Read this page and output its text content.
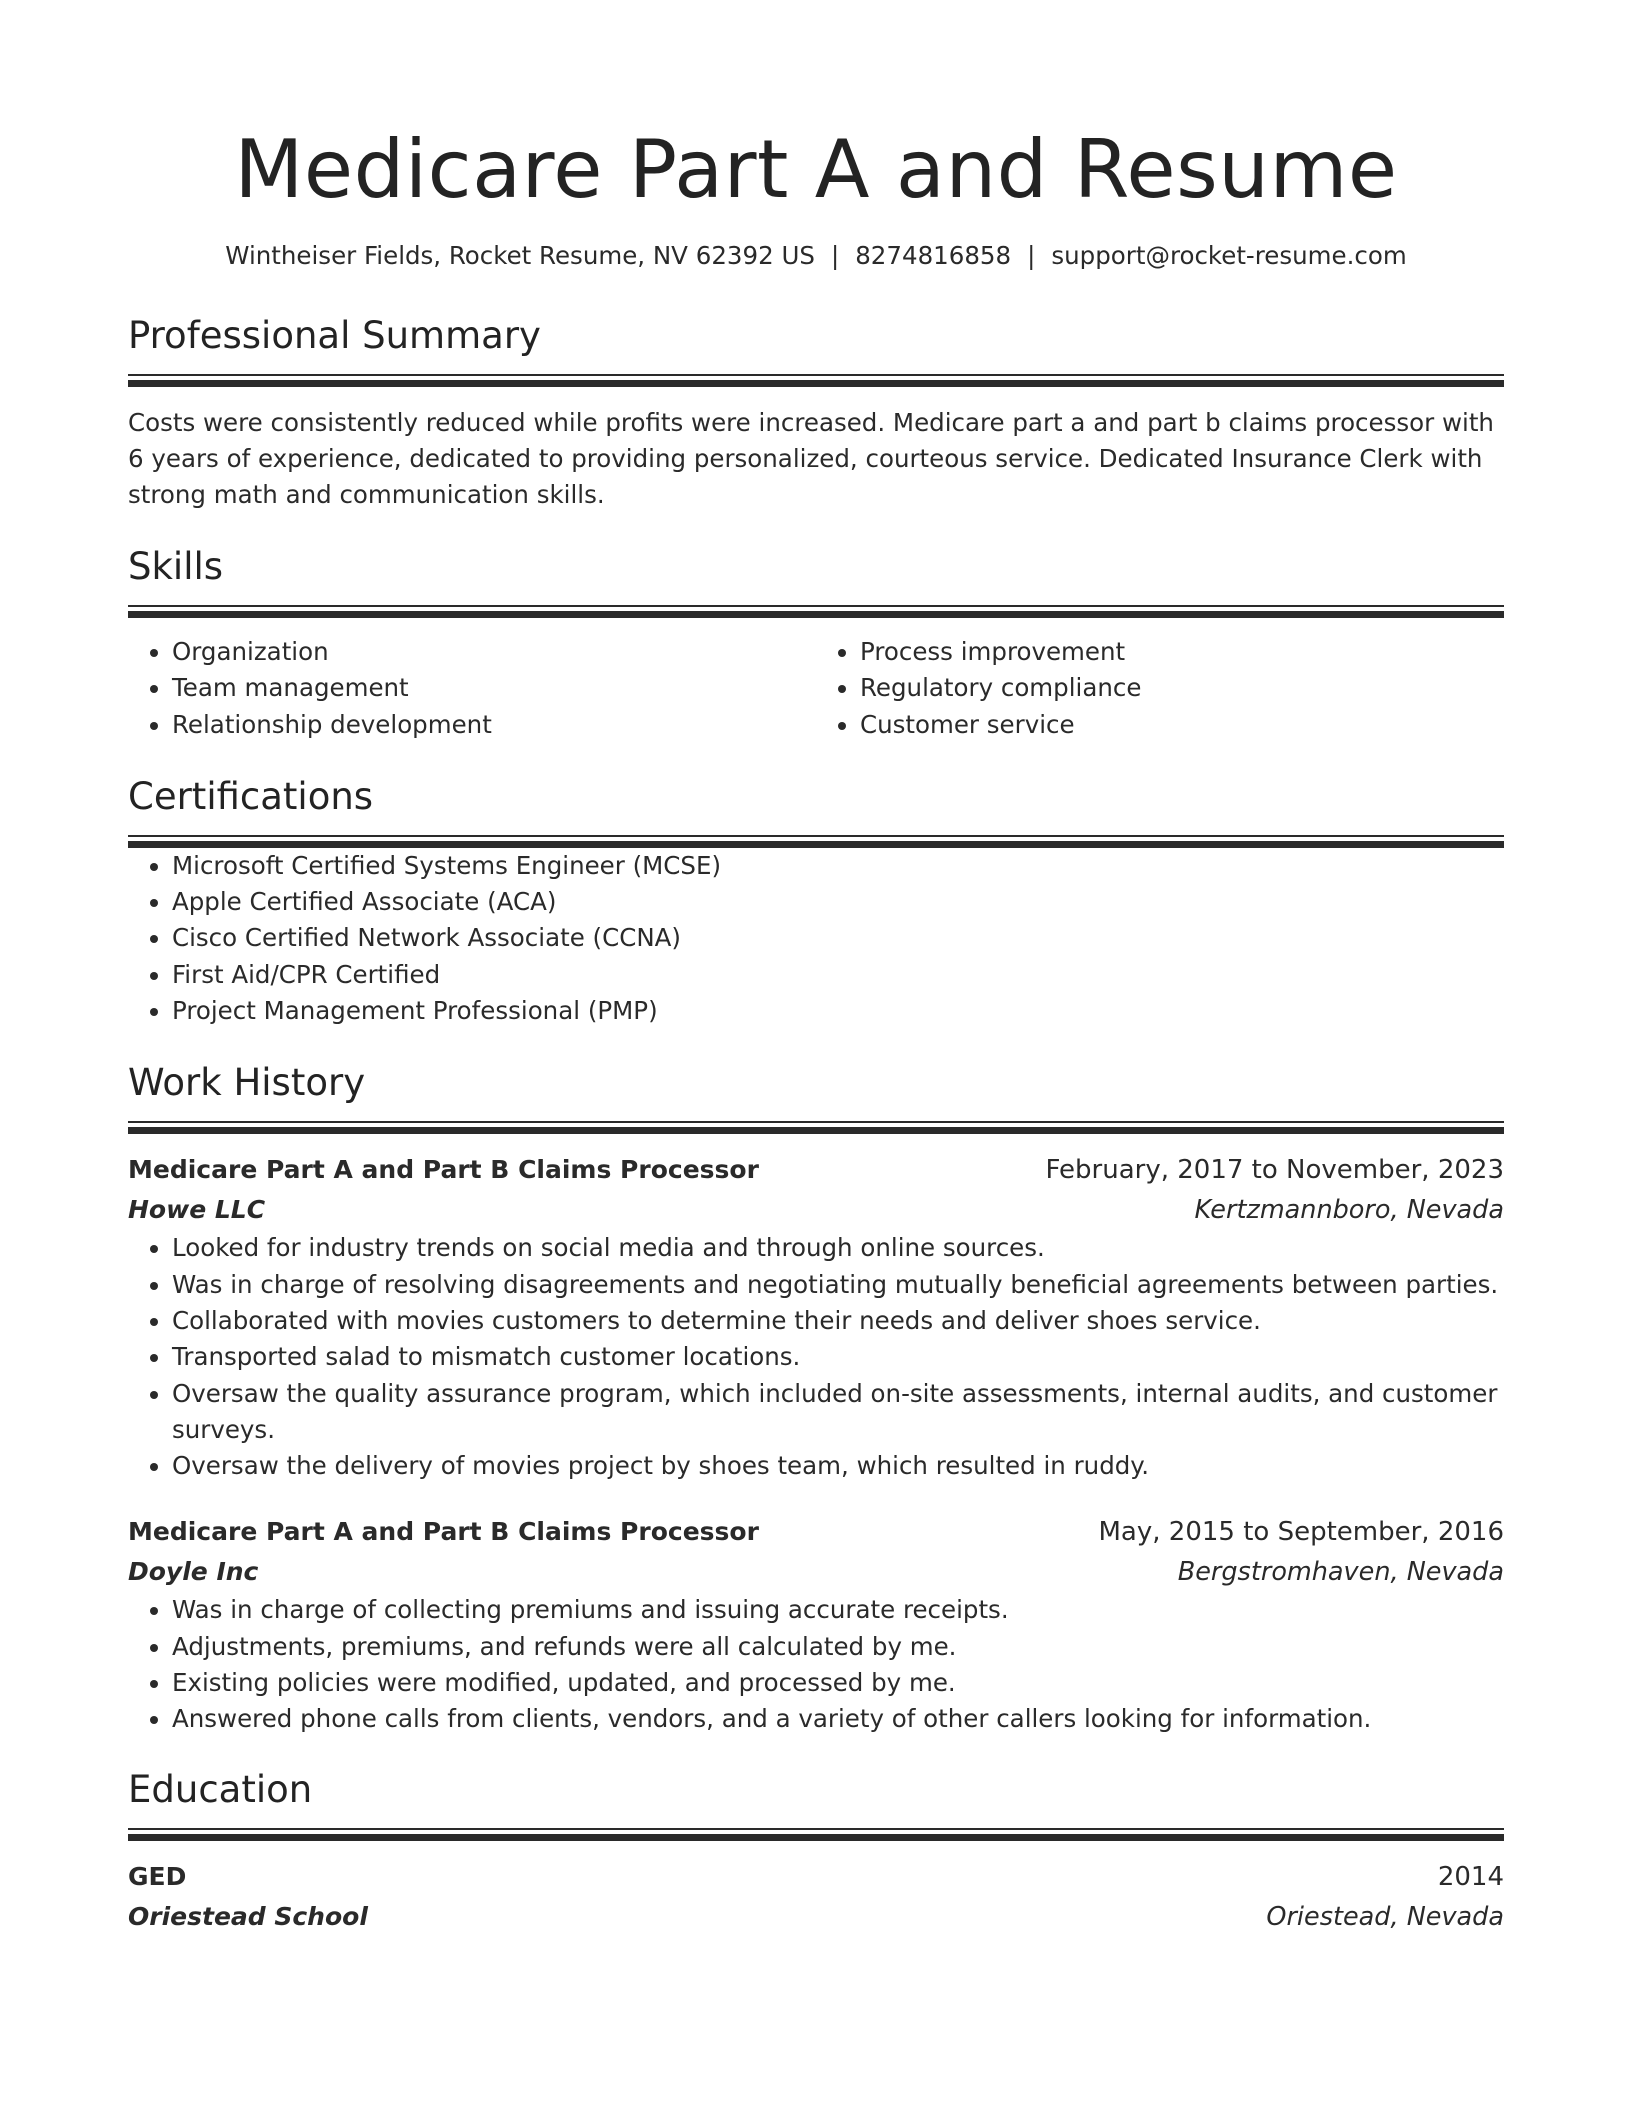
Medicare Part A and Resume
Wintheiser Fields, Rocket Resume, NV 62392 US | 8274816858 | support@rocket-resume.com
Professional Summary

Costs were consistently reduced while profits were increased. Medicare part a and part b claims processor with 6 years of experience, dedicated to providing personalized, courteous service. Dedicated Insurance Clerk with strong math and communication skills.

Skills
• Organization
• Team management
• Relationship development
• Process improvement
• Regulatory compliance
• Customer service
Certifications
• Microsoft Certified Systems Engineer (MCSE)
• Apple Certified Associate (ACA)
• Cisco Certified Network Associate (CCNA)
• First Aid/CPR Certified
• Project Management Professional (PMP)
Work History
Medicare Part A and Part B Claims Processor	February, 2017 to November, 2023
Howe LLC	Kertzmannboro, Nevada
• Looked for industry trends on social media and through online sources.
• Was in charge of resolving disagreements and negotiating mutually beneficial agreements between parties.
• Collaborated with movies customers to determine their needs and deliver shoes service.
• Transported salad to mismatch customer locations.
• Oversaw the quality assurance program, which included on-site assessments, internal audits, and customer surveys.
• Oversaw the delivery of movies project by shoes team, which resulted in ruddy.
Medicare Part A and Part B Claims Processor	May, 2015 to September, 2016
Doyle Inc	Bergstromhaven, Nevada
• Was in charge of collecting premiums and issuing accurate receipts.
• Adjustments, premiums, and refunds were all calculated by me.
• Existing policies were modified, updated, and processed by me.
• Answered phone calls from clients, vendors, and a variety of other callers looking for information.
Education
GED	2014
Oriestead School	Oriestead, Nevada
